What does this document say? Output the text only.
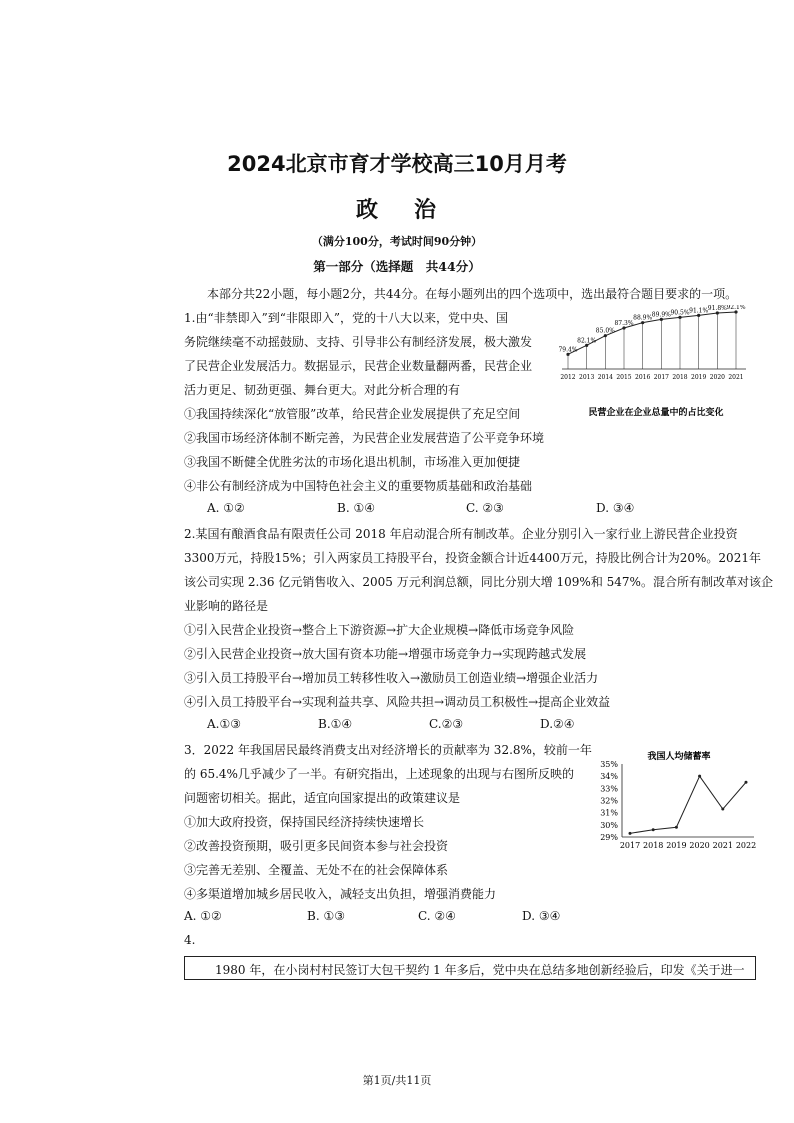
2024北京市育才学校高三10月月考
政 治
（满分100分，考试时间90分钟）
第一部分（选择题　共44分）
本部分共22小题，每小题2分，共44分。在每小题列出的四个选项中，选出最符合题目要求的一项。
1.由“非禁即入”到“非限即入”，党的十八大以来，党中央、国
务院继续毫不动摇鼓励、支持、引导非公有制经济发展，极大激发
了民营企业发展活力。数据显示，民营企业数量翻两番，民营企业
活力更足、韧劲更强、舞台更大。对此分析合理的有
①我国持续深化“放管服”改革，给民营企业发展提供了充足空间
②我国市场经济体制不断完善，为民营企业发展营造了公平竞争环境
③我国不断健全优胜劣汰的市场化退出机制，市场准入更加便捷
④非公有制经济成为中国特色社会主义的重要物质基础和政治基础
A. ①②	B. ①④	C. ②③	D. ③④
79.4%
82.1%
85.0%
87.3%
88.9% 89.9% 90.5% 91.1% 91.8% 92.1%
2012 2013 2014 2015 2016 2017 2018 2019 2020 2021
民营企业在企业总量中的占比变化
2.某国有酿酒食品有限责任公司 2018 年启动混合所有制改革。企业分别引入一家行业上游民营企业投资
3300万元，持股15%；引入两家员工持股平台，投资金额合计近4400万元，持股比例合计为20%。2021年
该公司实现 2.36 亿元销售收入、2005 万元利润总额，同比分别大增 109%和 547%。混合所有制改革对该企
业影响的路径是
①引入民营企业投资→整合上下游资源→扩大企业规模→降低市场竞争风险
②引入民营企业投资→放大国有资本功能→增强市场竞争力→实现跨越式发展
③引入员工持股平台→增加员工转移性收入→激励员工创造业绩→增强企业活力
④引入员工持股平台→实现利益共享、风险共担→调动员工积极性→提高企业效益
A.①③	B.①④	C.②③	D.②④
3．2022 年我国居民最终消费支出对经济增长的贡献率为 32.8%，较前一年
的 65.4%几乎减少了一半。有研究指出，上述现象的出现与右图所反映的
问题密切相关。据此，适宜向国家提出的政策建议是
①加大政府投资，保持国民经济持续快速增长
②改善投资预期，吸引更多民间资本参与社会投资
③完善无差别、全覆盖、无处不在的社会保障体系
④多渠道增加城乡居民收入，减轻支出负担，增强消费能力
A. ①②	B. ①③	C. ②④	D. ③④
我国人均储蓄率
35%
34%
33%
32%
31%
30%
29%
2017 2018 2019 2020 2021 2022
4.
1980 年，在小岗村村民签订大包干契约 1 年多后，党中央在总结多地创新经验后，印发《关于进一
第1页/共11页
